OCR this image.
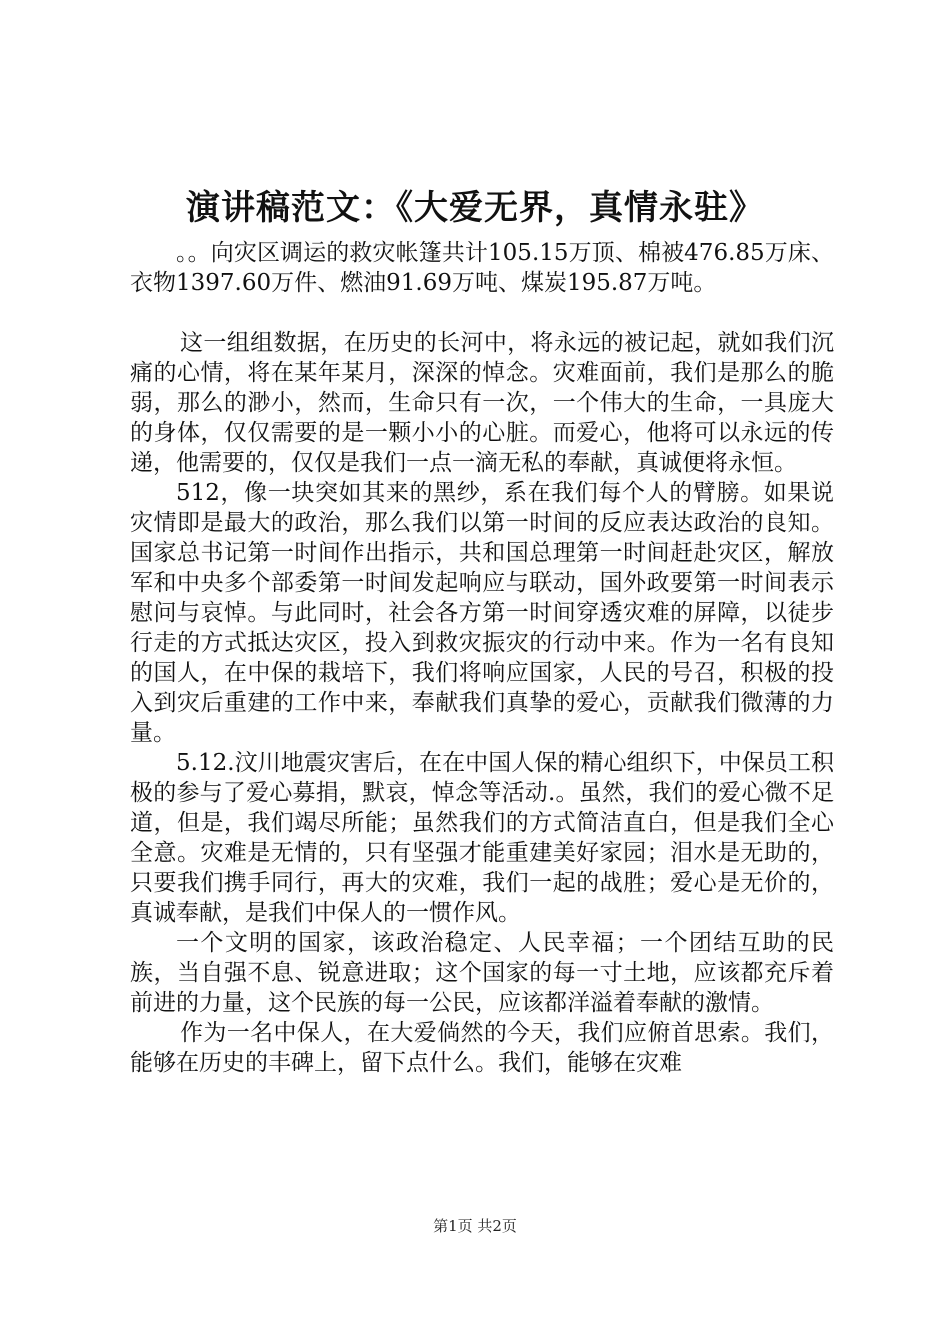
演讲稿范文：《大爱无界，真情永驻》

。。向灾区调运的救灾帐篷共计105.15万顶、棉被476.85万床、衣物1397.60万件、燃油91.69万吨、煤炭195.87万吨。

这一组组数据，在历史的长河中，将永远的被记起，就如我们沉痛的心情，将在某年某月，深深的悼念。灾难面前，我们是那么的脆弱，那么的渺小，然而，生命只有一次，一个伟大的生命，一具庞大的身体，仅仅需要的是一颗小小的心脏。而爱心，他将可以永远的传递，他需要的，仅仅是我们一点一滴无私的奉献，真诚便将永恒。

512，像一块突如其来的黑纱，系在我们每个人的臂膀。如果说灾情即是最大的政治，那么我们以第一时间的反应表达政治的良知。国家总书记第一时间作出指示，共和国总理第一时间赶赴灾区，解放军和中央多个部委第一时间发起响应与联动，国外政要第一时间表示慰问与哀悼。与此同时，社会各方第一时间穿透灾难的屏障，以徒步行走的方式抵达灾区，投入到救灾振灾的行动中来。作为一名有良知的国人，在中保的栽培下，我们将响应国家，人民的号召，积极的投入到灾后重建的工作中来，奉献我们真挚的爱心，贡献我们微薄的力量。

5.12.汶川地震灾害后，在在中国人保的精心组织下，中保员工积极的参与了爱心募捐，默哀，悼念等活动.。虽然，我们的爱心微不足道，但是，我们竭尽所能；虽然我们的方式简洁直白，但是我们全心全意。灾难是无情的，只有坚强才能重建美好家园；泪水是无助的，只要我们携手同行，再大的灾难，我们一起的战胜；爱心是无价的，真诚奉献，是我们中保人的一惯作风。

一个文明的国家，该政治稳定、人民幸福；一个团结互助的民族，当自强不息、锐意进取；这个国家的每一寸土地，应该都充斥着前进的力量，这个民族的每一公民，应该都洋溢着奉献的激情。

作为一名中保人，在大爱倘然的今天，我们应俯首思索。我们，能够在历史的丰碑上，留下点什么。我们，能够在灾难

第1页 共2页
